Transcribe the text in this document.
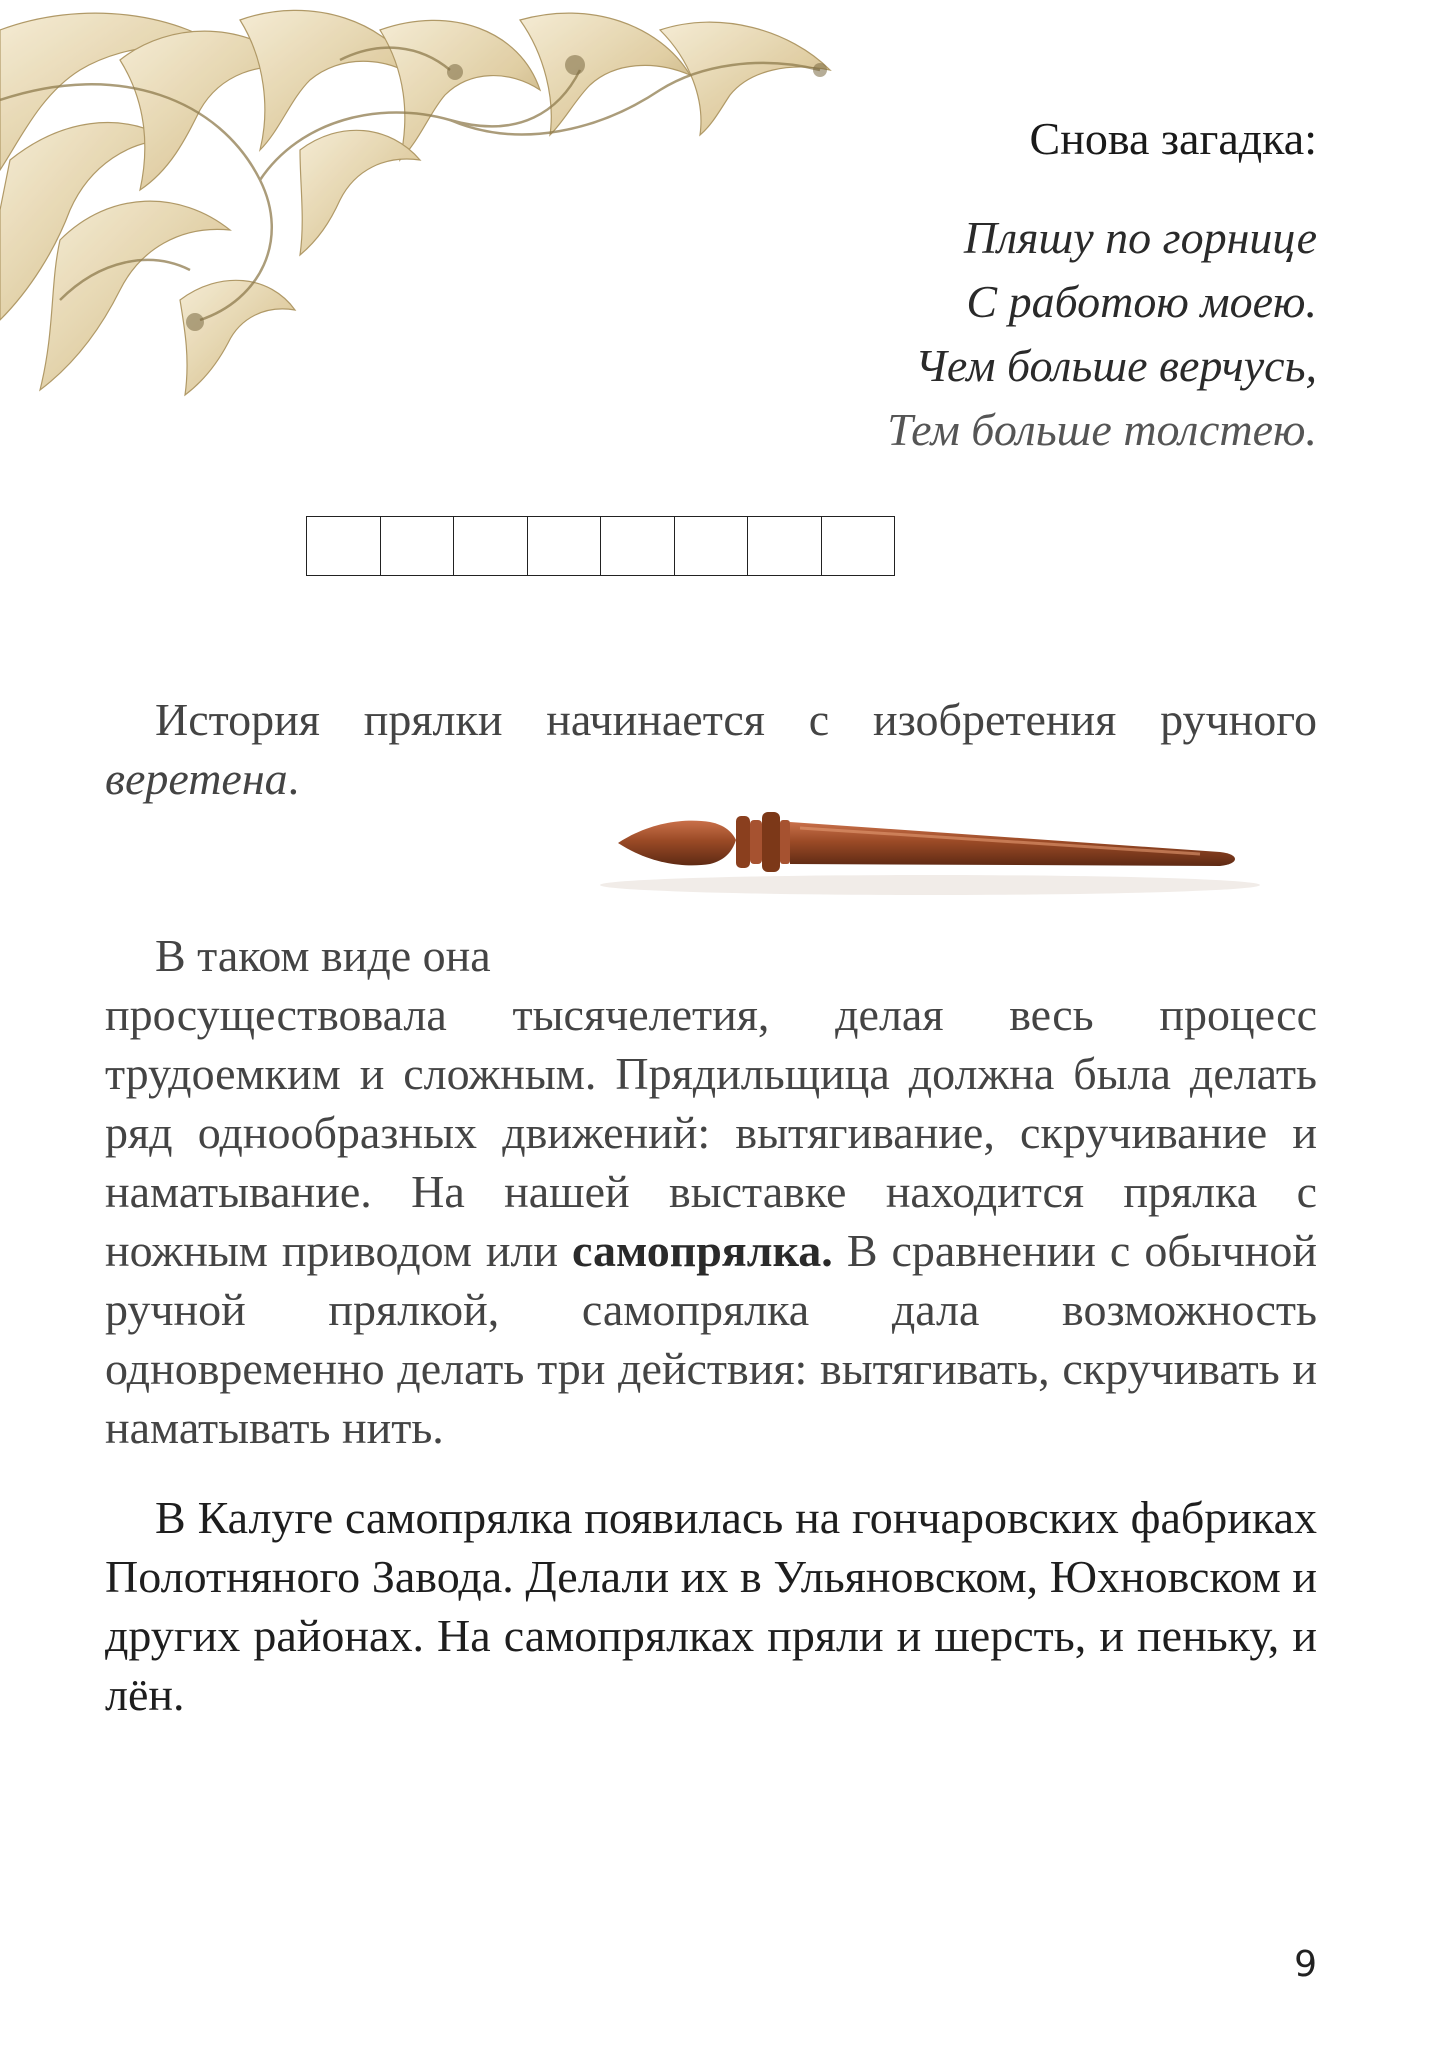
Снова загадка:
Пляшу по горнице
С работою моею.
Чем больше верчусь,
Тем больше толстею.

История прялки начинается с изобретения ручного веретена.

В таком виде она
просуществовала тысячелетия, делая весь процесс трудоемким и сложным. Прядильщица должна была делать ряд однообразных движений: вытягивание, скручивание и наматывание. На нашей выставке находится прялка с ножным приводом или самопрялка. В сравнении с обычной ручной прялкой, самопрялка дала возможность одновременно делать три действия: вытягивать, скручивать и наматывать нить.

В Калуге самопрялка появилась на гончаровских фабриках Полотняного Завода. Делали их в Ульяновском, Юхновском и других районах. На самопрялках пряли и шерсть, и пеньку, и лён.

9
